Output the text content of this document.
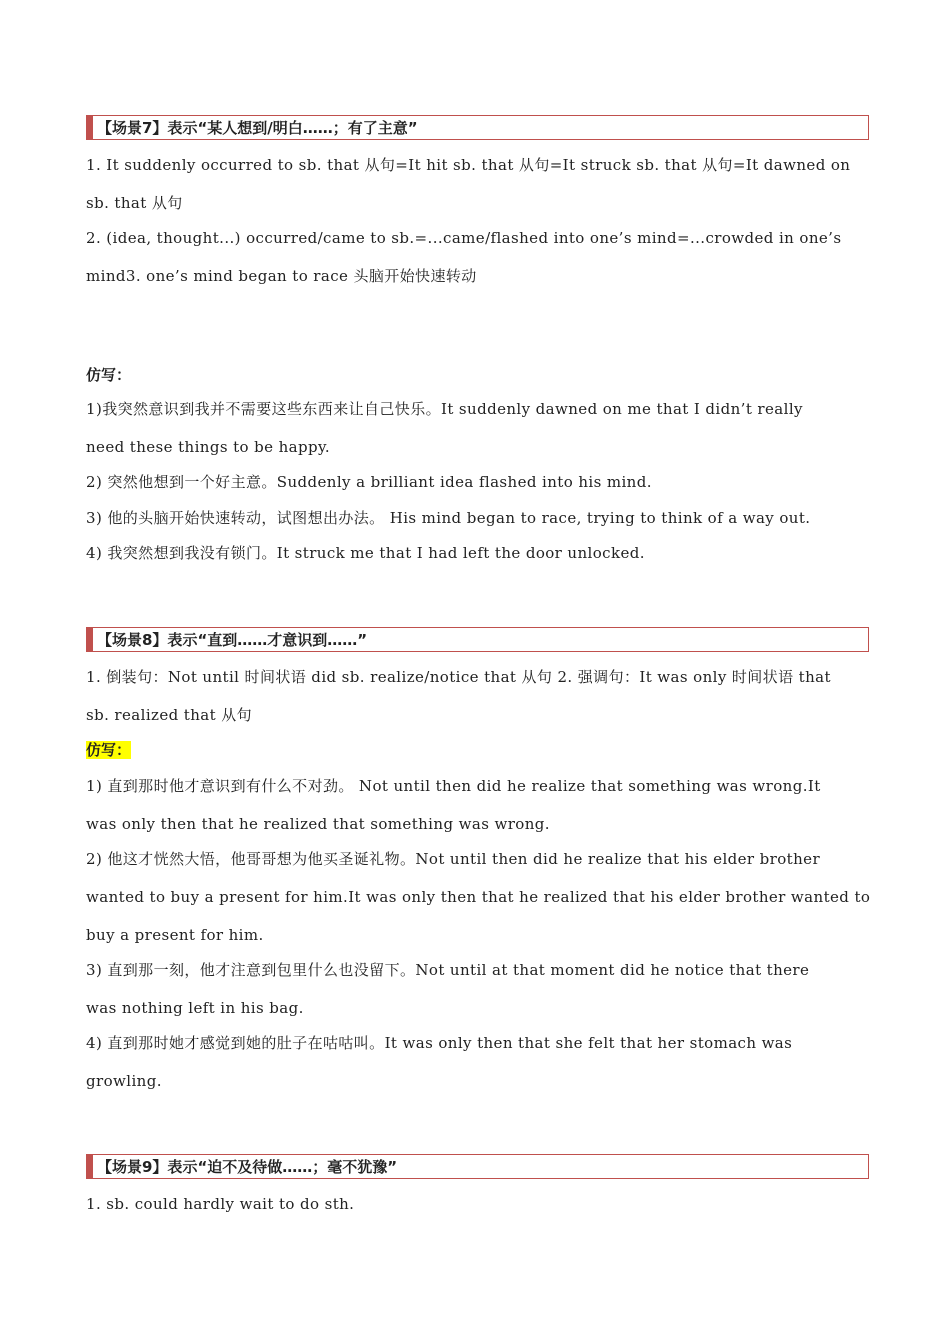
【场景7】表示“某人想到/明白……；有了主意”
1. It suddenly occurred to sb. that 从句=It hit sb. that 从句=It struck sb. that 从句=It dawned on
sb. that 从句
2. (idea, thought...) occurred/came to sb.=...came/flashed into one’s mind=...crowded in one’s
mind3. one’s mind began to race 头脑开始快速转动
仿写：
1)我突然意识到我并不需要这些东西来让自己快乐。It suddenly dawned on me that I didn’t really
need these things to be happy.
2) 突然他想到一个好主意。Suddenly a brilliant idea flashed into his mind.
3) 他的头脑开始快速转动，试图想出办法。 His mind began to race, trying to think of a way out.
4) 我突然想到我没有锁门。It struck me that I had left the door unlocked.
【场景8】表示“直到……才意识到……”
1. 倒装句：Not until 时间状语 did sb. realize/notice that 从句 2. 强调句：It was only 时间状语 that
sb. realized that 从句
仿写：
1) 直到那时他才意识到有什么不对劲。 Not until then did he realize that something was wrong.It
was only then that he realized that something was wrong.
2) 他这才恍然大悟，他哥哥想为他买圣诞礼物。Not until then did he realize that his elder brother
wanted to buy a present for him.It was only then that he realized that his elder brother wanted to
buy a present for him.
3) 直到那一刻，他才注意到包里什么也没留下。Not until at that moment did he notice that there
was nothing left in his bag.
4) 直到那时她才感觉到她的肚子在咕咕叫。It was only then that she felt that her stomach was
growling.
【场景9】表示“迫不及待做……；毫不犹豫”
1. sb. could hardly wait to do sth.
